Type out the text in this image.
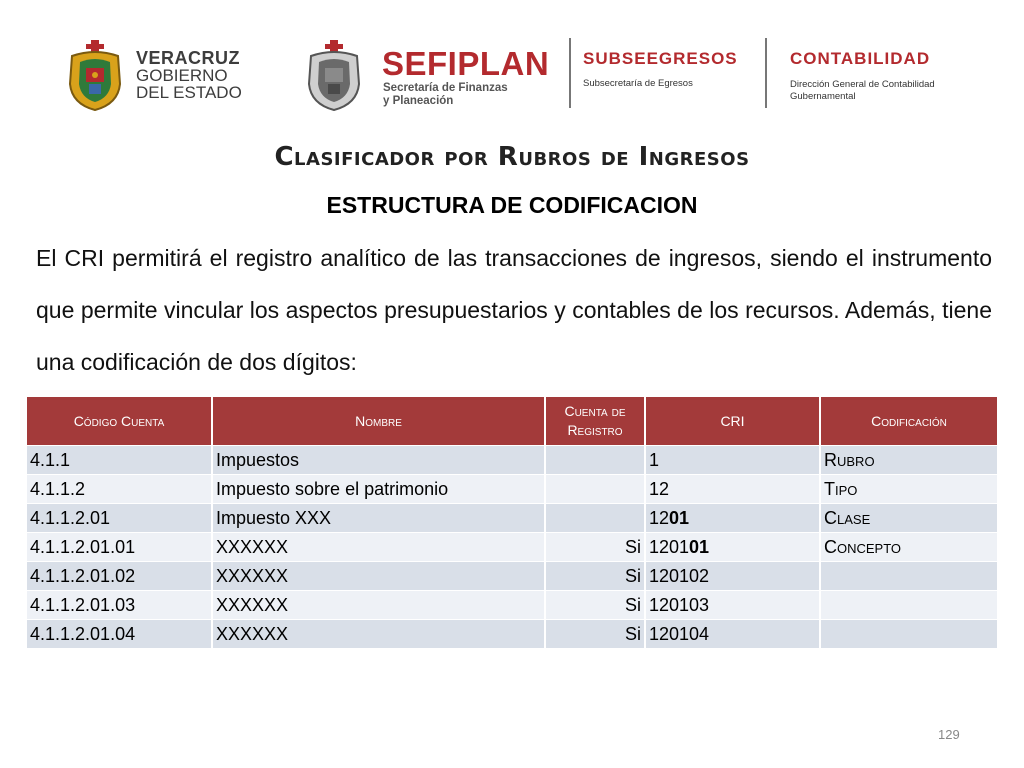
VERACRUZ
GOBIERNO
DEL ESTADO
SEFIPLAN
Secretaría de Finanzas
y Planeación
SUBSEEGRESOS
Subsecretaría de Egresos
CONTABILIDAD
Dirección General de Contabilidad
Gubernamental
Clasificador por Rubros de Ingresos
ESTRUCTURA DE CODIFICACION
El CRI permitirá el registro analítico de las transacciones de ingresos, siendo el instrumento que permite vincular los aspectos presupuestarios y contables de los recursos. Además, tiene una codificación de dos dígitos:
Código Cuenta	Nombre	Cuenta de Registro	CRI	Codificación
4.1.1	Impuestos		1	Rubro
4.1.1.2	Impuesto sobre el patrimonio		12	Tipo
4.1.1.2.01	Impuesto XXX		1201	Clase
4.1.1.2.01.01	XXXXXX	Si	120101	Concepto
4.1.1.2.01.02	XXXXXX	Si	120102	
4.1.1.2.01.03	XXXXXX	Si	120103	
4.1.1.2.01.04	XXXXXX	Si	120104	
129
